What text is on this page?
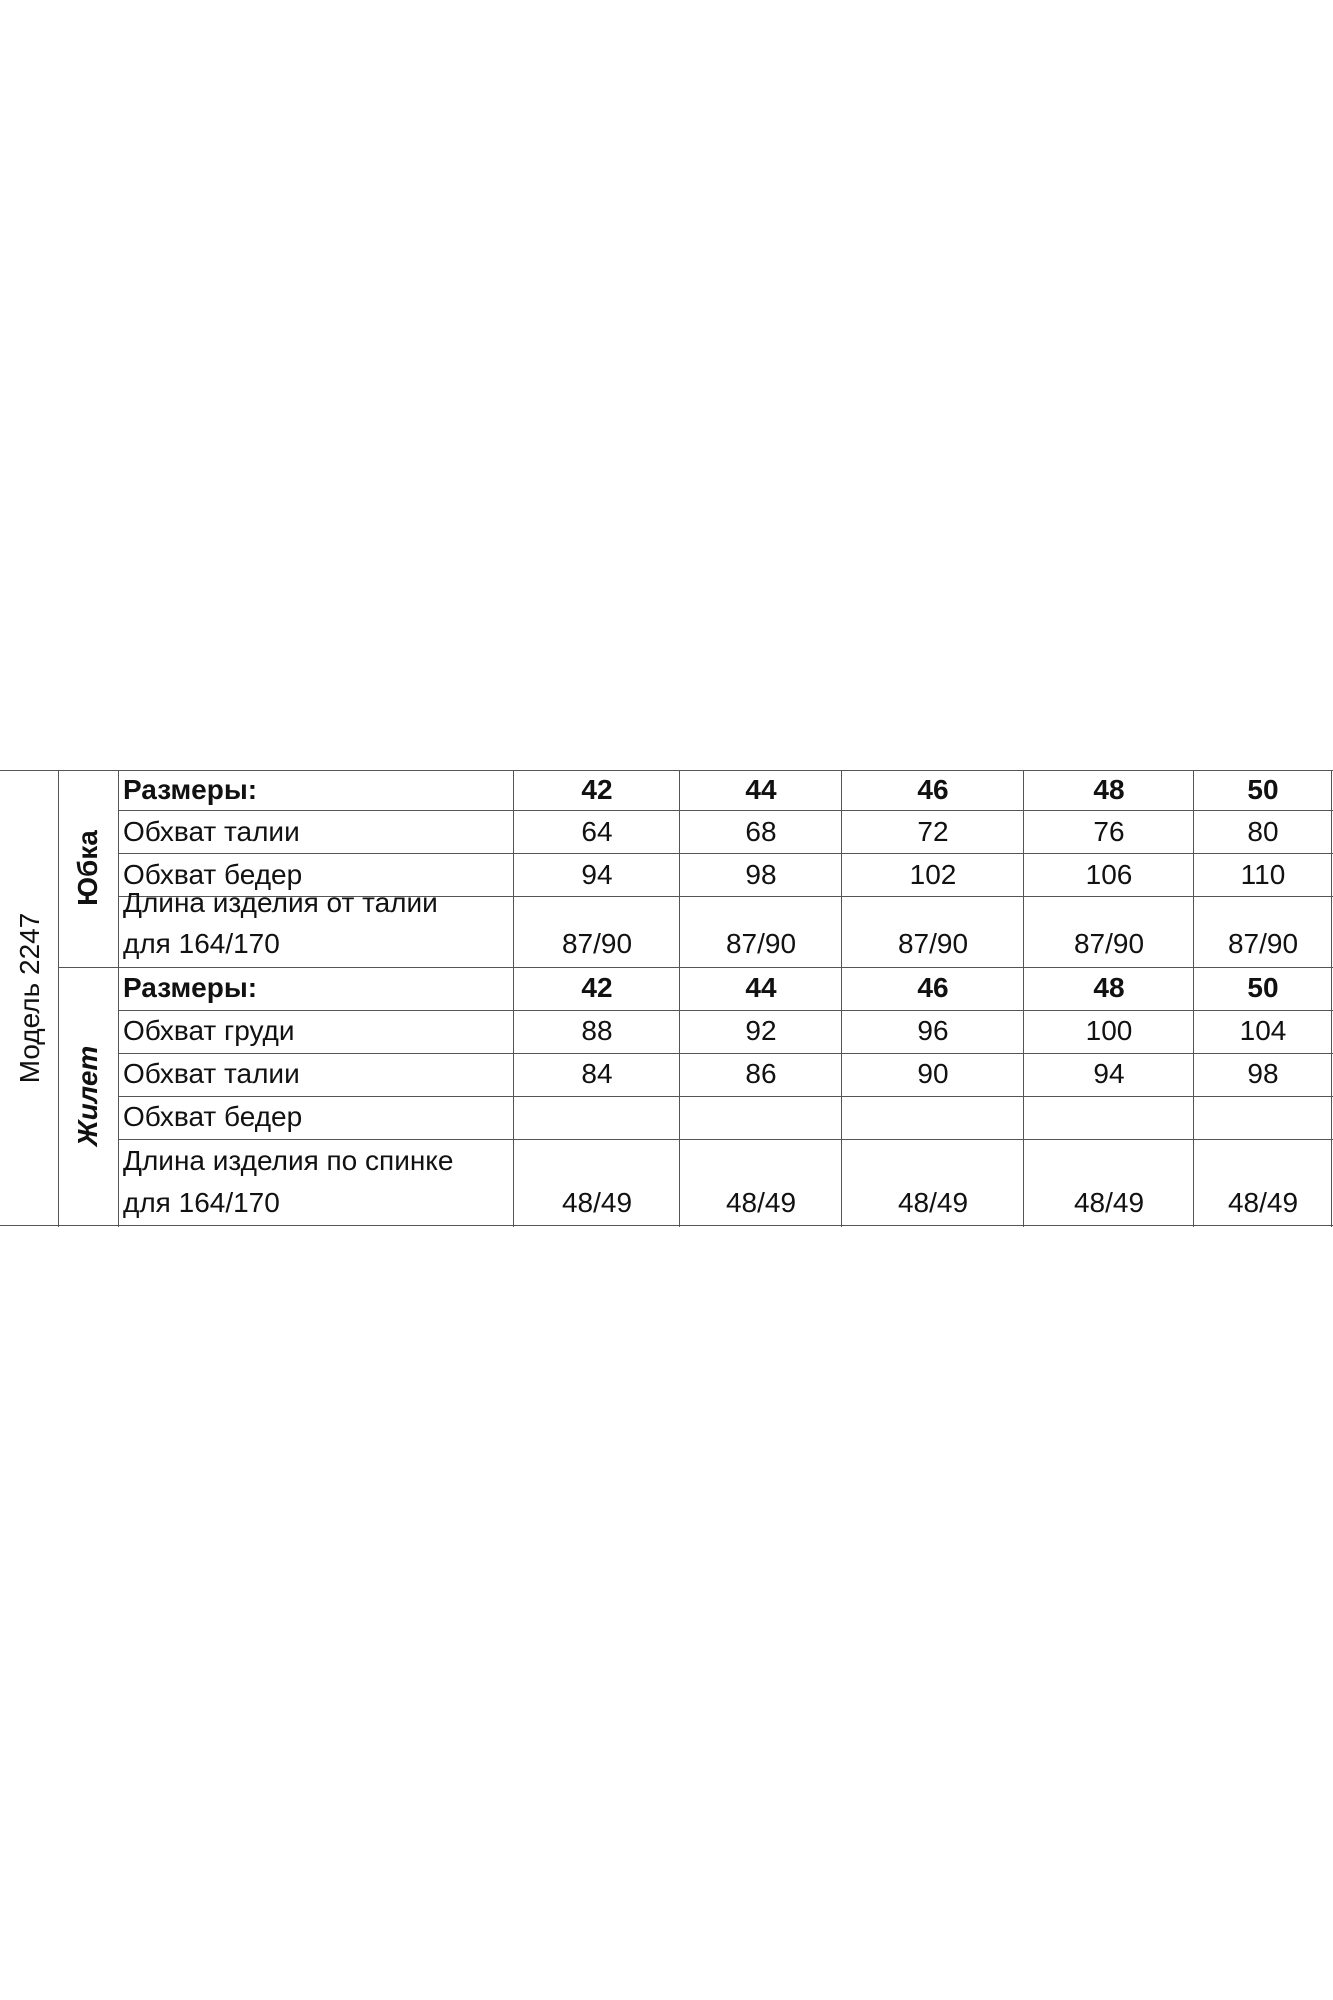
Модель 2247
Юбка
Жилет
Размеры:	42	44	46	48	50
Обхват талии	64	68	72	76	80
Обхват бедер	94	98	102	106	110
Длина изделия от талии
для 164/170	87/90	87/90	87/90	87/90	87/90
Размеры:	42	44	46	48	50
Обхват груди	88	92	96	100	104
Обхват талии	84	86	90	94	98
Обхват бедер
Длина изделия по спинке
для 164/170	48/49	48/49	48/49	48/49	48/49
